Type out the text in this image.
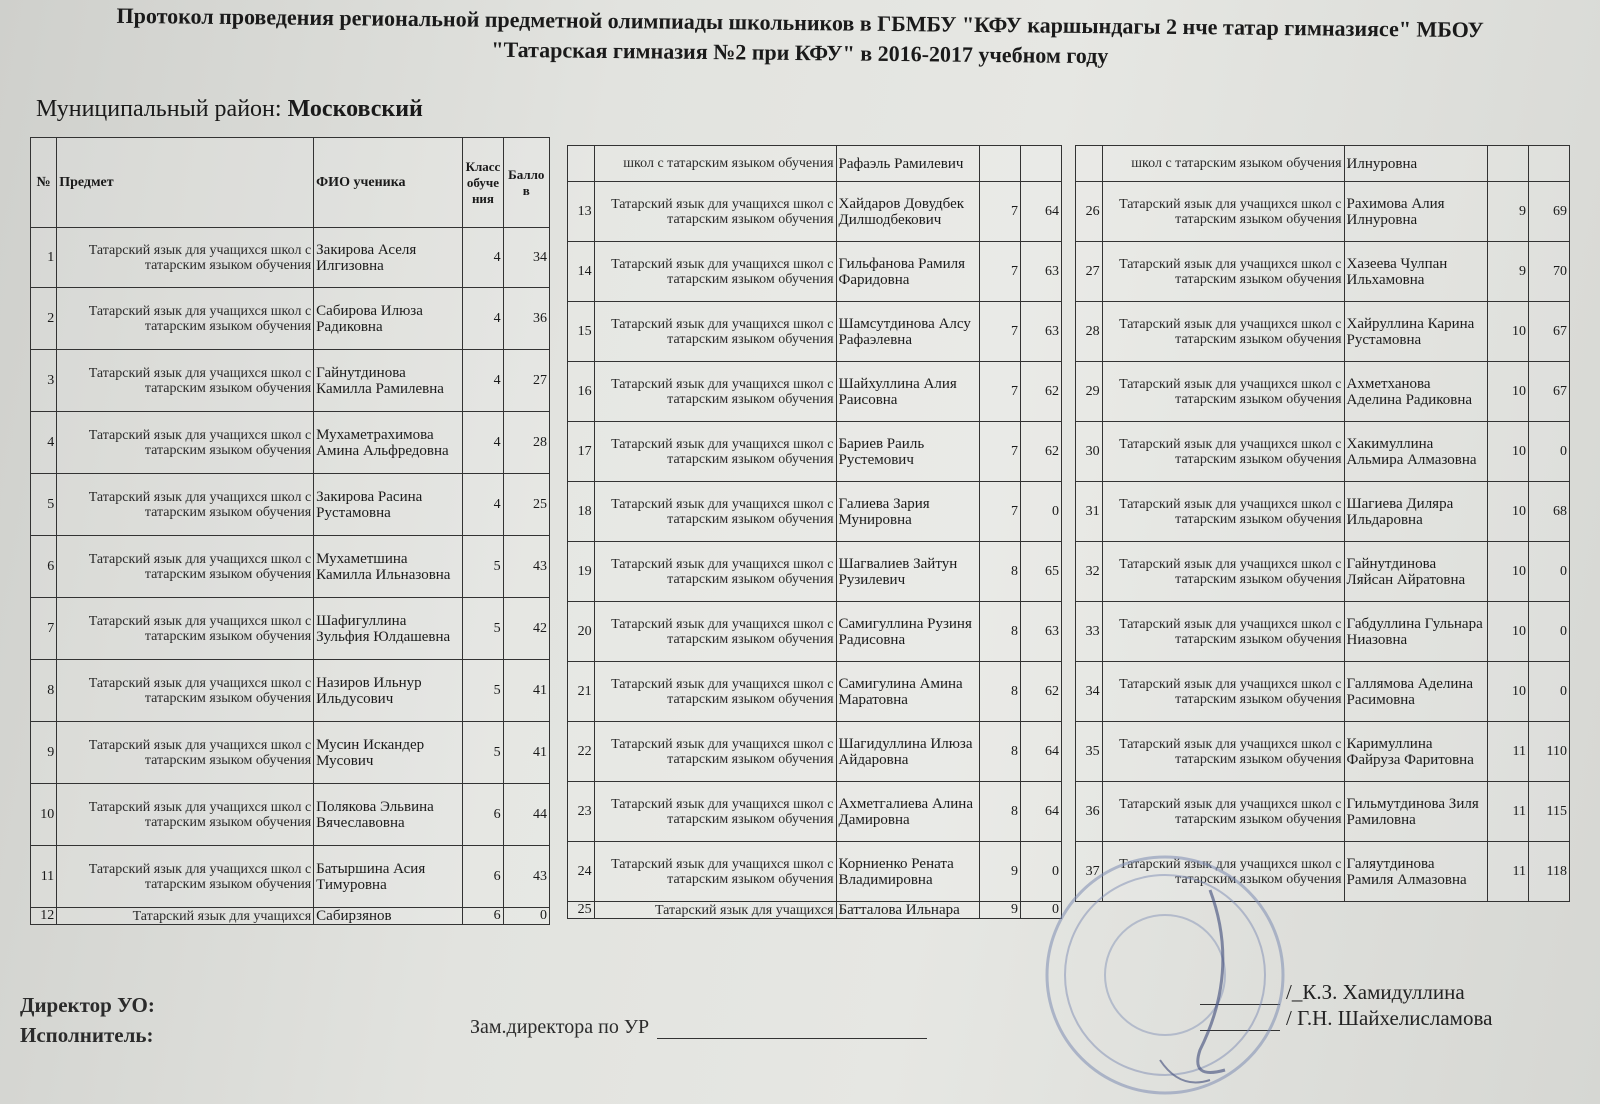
Протокол проведения региональной предметной олимпиады школьников в ГБМБУ "КФУ каршындагы 2 нче татар гимназиясе" МБОУ "Татарская гимназия №2 при КФУ" в 2016-2017 учебном году
Муниципальный район: Московский
№	Предмет	ФИО ученика	Класс обучения	Баллов
1	Татарский язык для учащихся школ с татарским языком обучения	Закирова Аселя Илгизовна	4	34
2	Татарский язык для учащихся школ с татарским языком обучения	Сабирова Илюза Радиковна	4	36
3	Татарский язык для учащихся школ с татарским языком обучения	Гайнутдинова Камилла Рамилевна	4	27
4	Татарский язык для учащихся школ с татарским языком обучения	Мухаметрахимова Амина Альфредовна	4	28
5	Татарский язык для учащихся школ с татарским языком обучения	Закирова Расина Рустамовна	4	25
6	Татарский язык для учащихся школ с татарским языком обучения	Мухаметшина Камилла Ильназовна	5	43
7	Татарский язык для учащихся школ с татарским языком обучения	Шафигуллина Зульфия Юлдашевна	5	42
8	Татарский язык для учащихся школ с татарским языком обучения	Назиров Ильнур Ильдусович	5	41
9	Татарский язык для учащихся школ с татарским языком обучения	Мусин Искандер Мусович	5	41
10	Татарский язык для учащихся школ с татарским языком обучения	Полякова Эльвина Вячеславовна	6	44
11	Татарский язык для учащихся школ с татарским языком обучения	Батыршина Асия Тимуровна	6	43
12	Татарский язык для учащихся	Сабирзянов	6	0
	школ с татарским языком обучения	Рафаэль Рамилевич		
13	Татарский язык для учащихся школ с татарским языком обучения	Хайдаров Довудбек Дилшодбекович	7	64
14	Татарский язык для учащихся школ с татарским языком обучения	Гильфанова Рамиля Фаридовна	7	63
15	Татарский язык для учащихся школ с татарским языком обучения	Шамсутдинова Алсу Рафаэлевна	7	63
16	Татарский язык для учащихся школ с татарским языком обучения	Шайхуллина Алия Раисовна	7	62
17	Татарский язык для учащихся школ с татарским языком обучения	Бариев Раиль Рустемович	7	62
18	Татарский язык для учащихся школ с татарским языком обучения	Галиева Зария Мунировна	7	0
19	Татарский язык для учащихся школ с татарским языком обучения	Шагвалиев Зайтун Рузилевич	8	65
20	Татарский язык для учащихся школ с татарским языком обучения	Самигуллина Рузиня Радисовна	8	63
21	Татарский язык для учащихся школ с татарским языком обучения	Самигулина Амина Маратовна	8	62
22	Татарский язык для учащихся школ с татарским языком обучения	Шагидуллина Илюза Айдаровна	8	64
23	Татарский язык для учащихся школ с татарским языком обучения	Ахметгалиева Алина Дамировна	8	64
24	Татарский язык для учащихся школ с татарским языком обучения	Корниенко Рената Владимировна	9	0
25	Татарский язык для учащихся	Батталова Ильнара	9	0
	школ с татарским языком обучения	Илнуровна		
26	Татарский язык для учащихся школ с татарским языком обучения	Рахимова Алия Илнуровна	9	69
27	Татарский язык для учащихся школ с татарским языком обучения	Хазеева Чулпан Ильхамовна	9	70
28	Татарский язык для учащихся школ с татарским языком обучения	Хайруллина Карина Рустамовна	10	67
29	Татарский язык для учащихся школ с татарским языком обучения	Ахметханова Аделина Радиковна	10	67
30	Татарский язык для учащихся школ с татарским языком обучения	Хакимуллина Альмира Алмазовна	10	0
31	Татарский язык для учащихся школ с татарским языком обучения	Шагиева Диляра Ильдаровна	10	68
32	Татарский язык для учащихся школ с татарским языком обучения	Гайнутдинова Ляйсан Айратовна	10	0
33	Татарский язык для учащихся школ с татарским языком обучения	Габдуллина Гульнара Ниазовна	10	0
34	Татарский язык для учащихся школ с татарским языком обучения	Галлямова Аделина Расимовна	10	0
35	Татарский язык для учащихся школ с татарским языком обучения	Каримуллина Файруза Фаритовна	11	110
36	Татарский язык для учащихся школ с татарским языком обучения	Гильмутдинова Зиля Рамиловна	11	115
37	Татарский язык для учащихся школ с татарским языком обучения	Галяутдинова Рамиля Алмазовна	11	118
Директор УО:
Исполнитель:	Зам.директора по УР
/_К.З. Хамидуллина
/ Г.Н. Шайхелисламова
